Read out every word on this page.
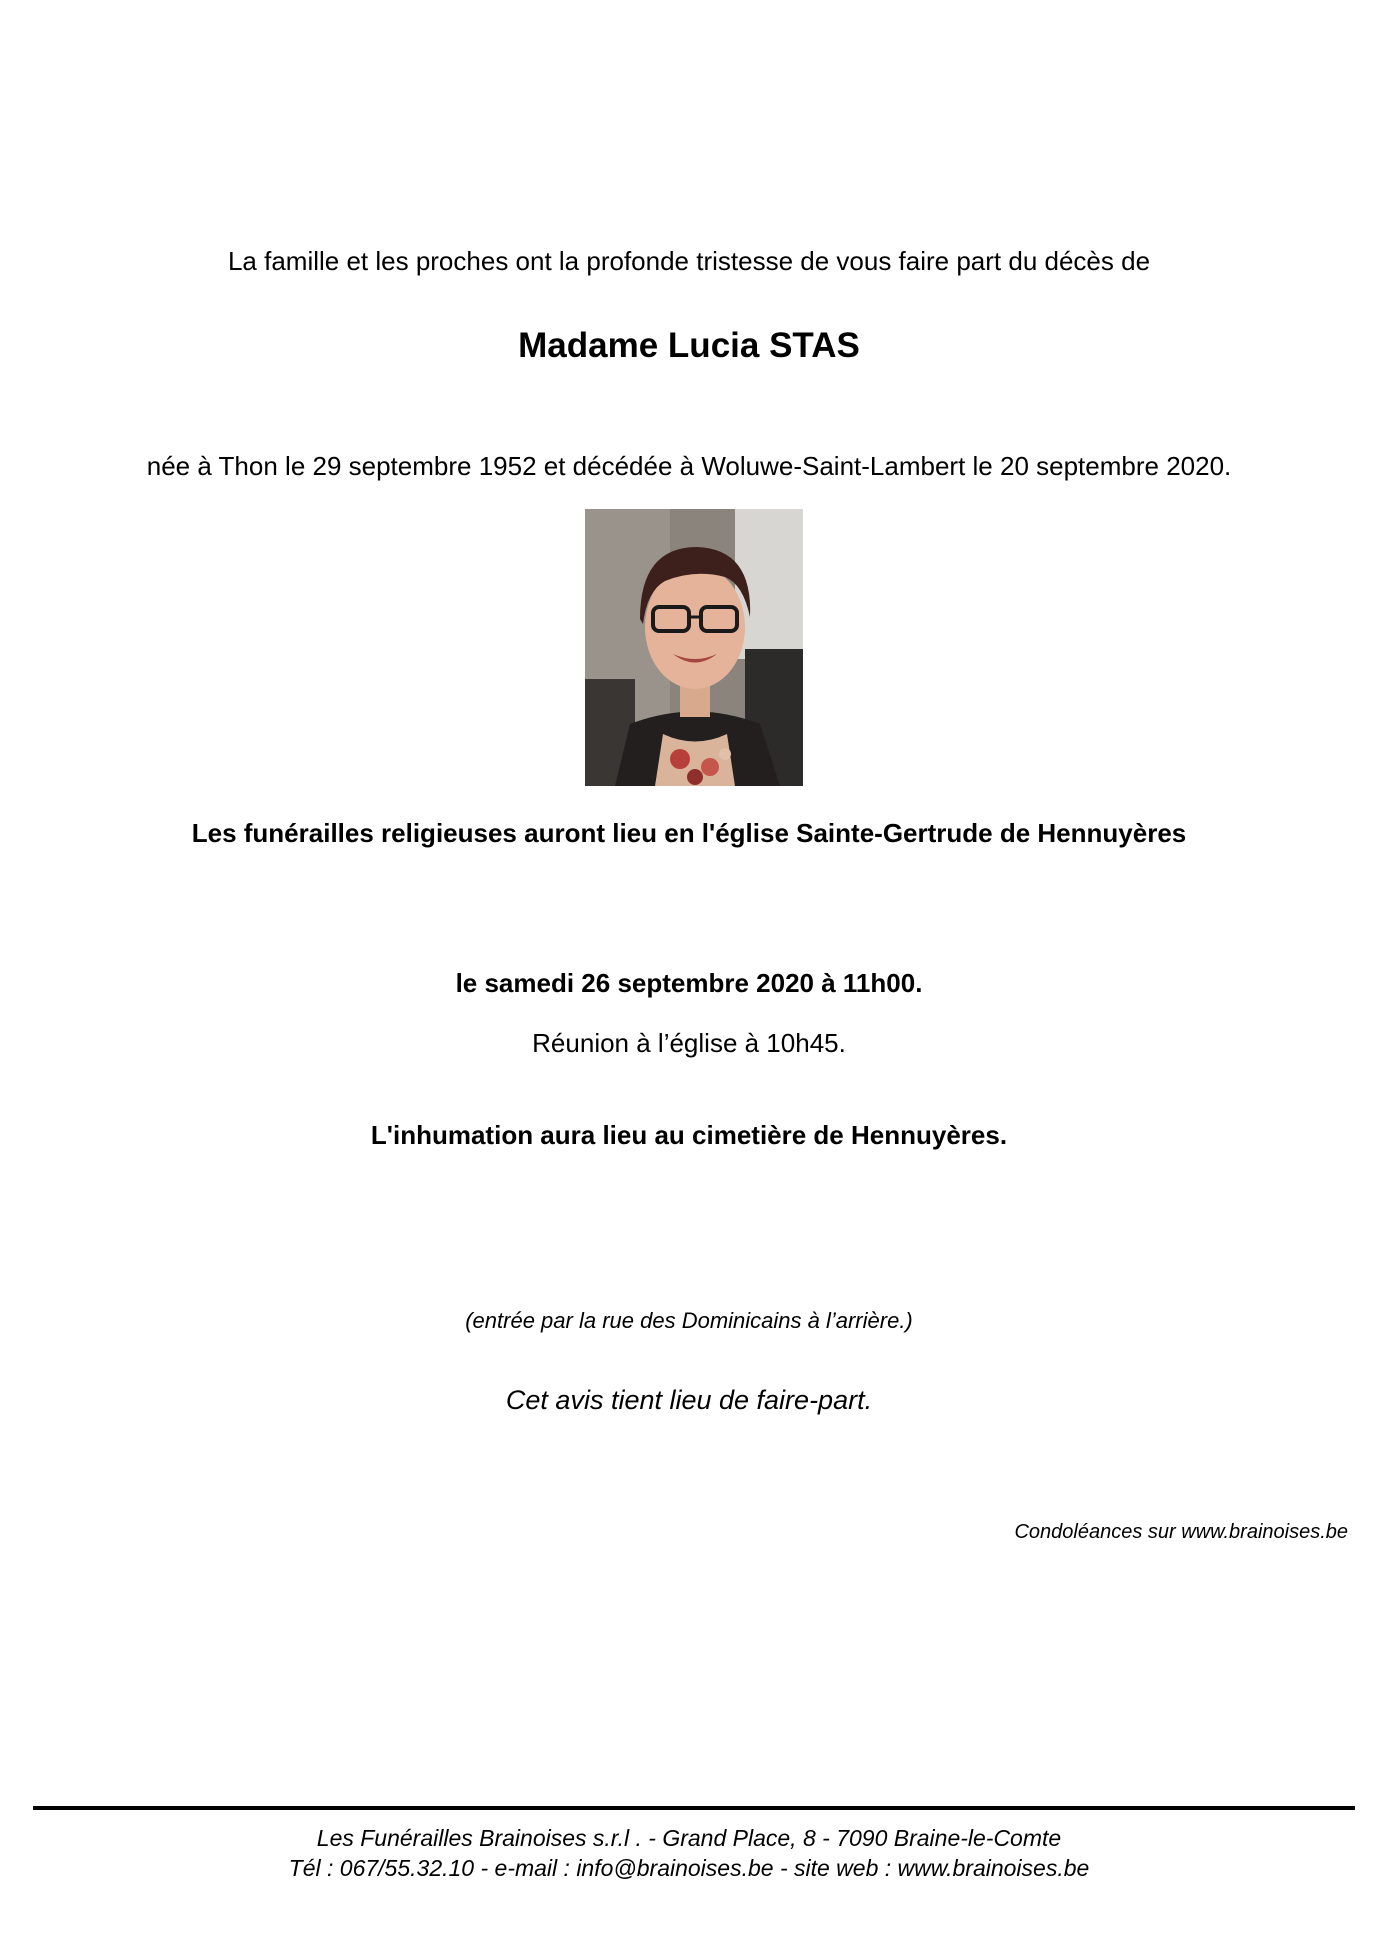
La famille et les proches ont la profonde tristesse de vous faire part du décès de
Madame Lucia STAS
née à Thon le 29 septembre 1952 et décédée à Woluwe-Saint-Lambert le 20 septembre 2020.
Les funérailles religieuses auront lieu en l'église Sainte-Gertrude de Hennuyères
le samedi 26 septembre 2020 à 11h00.
Réunion à l’église à 10h45.
L'inhumation aura lieu au cimetière de Hennuyères.
(entrée par la rue des Dominicains à l’arrière.)
Cet avis tient lieu de faire-part.
Condoléances sur www.brainoises.be
Les Funérailles Brainoises s.r.l . - Grand Place, 8 - 7090 Braine-le-Comte
Tél : 067/55.32.10 - e-mail : info@brainoises.be - site web : www.brainoises.be
